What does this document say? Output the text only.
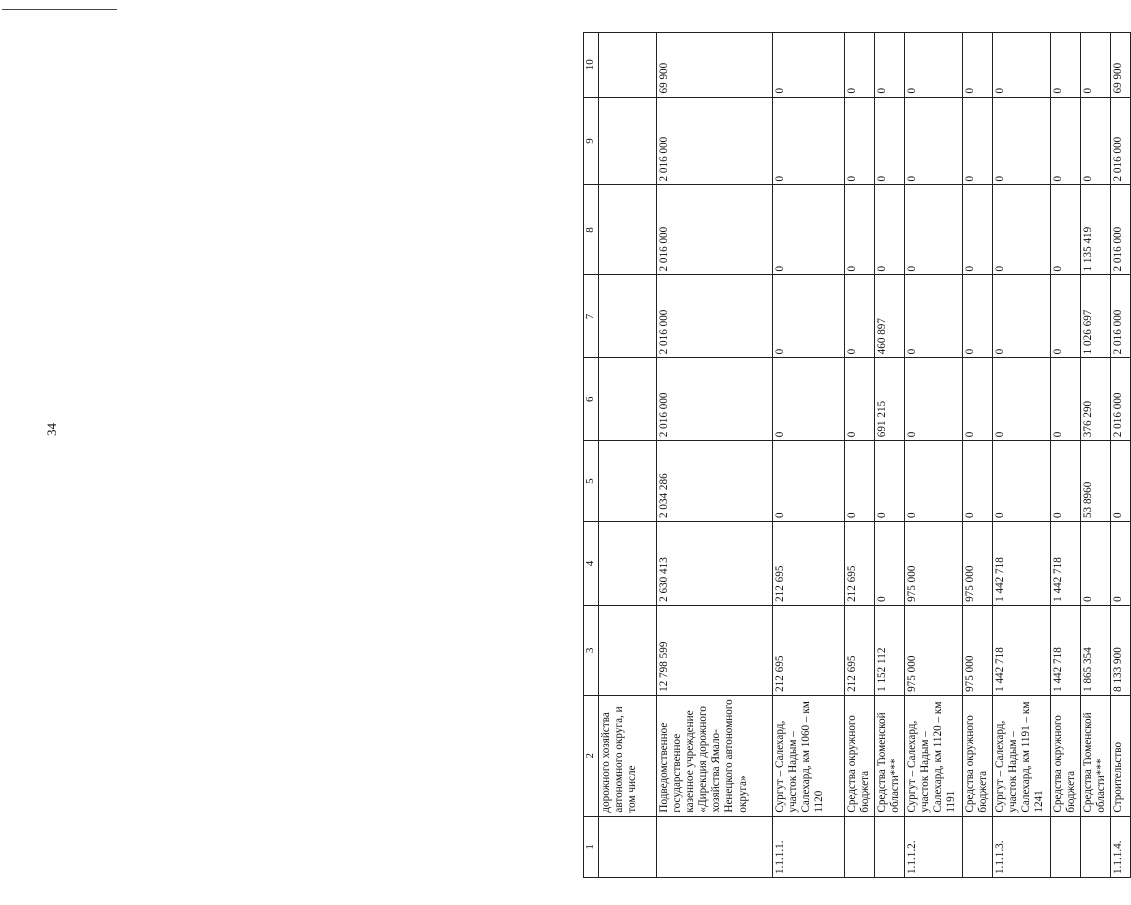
34
1	2	3	4	5	6	7	8	9	10
	дорожного хозяйства автономного округа, и том числе								
	Подведомственное государственное казенное учреждение «Дирекция дорожного хозяйства Ямало-Ненецкого автономного округа»	12 798 599	2 630 413	2 034 286	2 016 000	2 016 000	2 016 000	2 016 000	69 900
1.1.1.1.	Сургут – Салехард, участок Надым – Салехард, км 1060 – км 1120	212 695	212 695	0	0	0	0	0	0
	Средства окружного бюджета	212 695	212 695	0	0	0	0	0	0
	Средства Тюменской области***	1 152 112	0	0	691 215	460 897	0	0	0
1.1.1.2.	Сургут – Салехард, участок Надым – Салехард, км 1120 – км 1191	975 000	975 000	0	0	0	0	0	0
	Средства окружного бюджета	975 000	975 000	0	0	0	0	0	0
1.1.1.3.	Сургут – Салехард, участок Надым – Салехард, км 1191 – км 1241	1 442 718	1 442 718	0	0	0	0	0	0
	Средства окружного бюджета	1 442 718	1 442 718	0	0	0	0	0	0
	Средства Тюменской области***	1 865 354	0	53 8960	376 290	1 026 697	1 135 419	0	0
1.1.1.4.	Строительство	8 133 900	0	0	2 016 000	2 016 000	2 016 000	2 016 000	69 900
